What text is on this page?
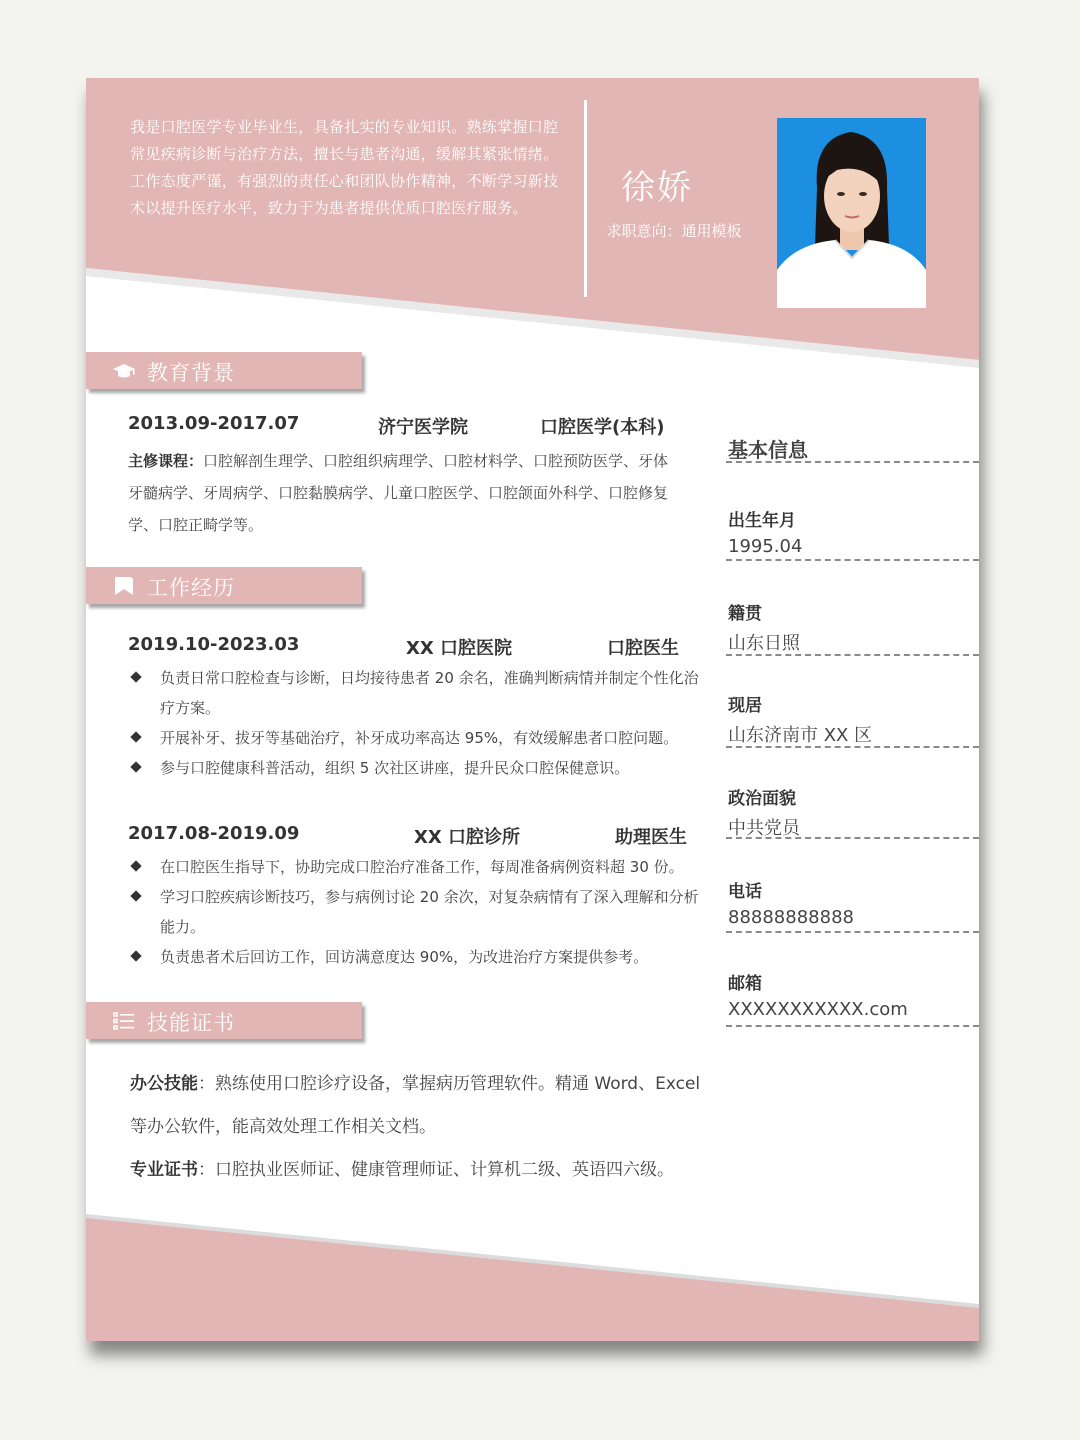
我是口腔医学专业毕业生，具备扎实的专业知识。熟练掌握口腔常见疾病诊断与治疗方法，擅长与患者沟通，缓解其紧张情绪。工作态度严谨，有强烈的责任心和团队协作精神，不断学习新技术以提升医疗水平，致力于为患者提供优质口腔医疗服务。	徐娇
求职意向：通用模板
教育背景
2013.09-2017.07	济宁医学院	口腔医学(本科)
主修课程：口腔解剖生理学、口腔组织病理学、口腔材料学、口腔预防医学、牙体牙髓病学、牙周病学、口腔黏膜病学、儿童口腔医学、口腔颌面外科学、口腔修复学、口腔正畸学等。
工作经历
2019.10-2023.03	XX 口腔医院	口腔医生
负责日常口腔检查与诊断，日均接待患者 20 余名，准确判断病情并制定个性化治疗方案。
开展补牙、拔牙等基础治疗，补牙成功率高达 95%，有效缓解患者口腔问题。
参与口腔健康科普活动，组织 5 次社区讲座，提升民众口腔保健意识。
2017.08-2019.09	XX 口腔诊所	助理医生
在口腔医生指导下，协助完成口腔治疗准备工作，每周准备病例资料超 30 份。
学习口腔疾病诊断技巧，参与病例讨论 20 余次，对复杂病情有了深入理解和分析能力。
负责患者术后回访工作，回访满意度达 90%，为改进治疗方案提供参考。
技能证书
办公技能：熟练使用口腔诊疗设备，掌握病历管理软件。精通 Word、Excel 等办公软件，能高效处理工作相关文档。
专业证书：口腔执业医师证、健康管理师证、计算机二级、英语四六级。
基本信息
出生年月
1995.04
籍贯
山东日照
现居
山东济南市 XX 区
政治面貌
中共党员
电话
88888888888
邮箱
XXXXXXXXXXX.com
